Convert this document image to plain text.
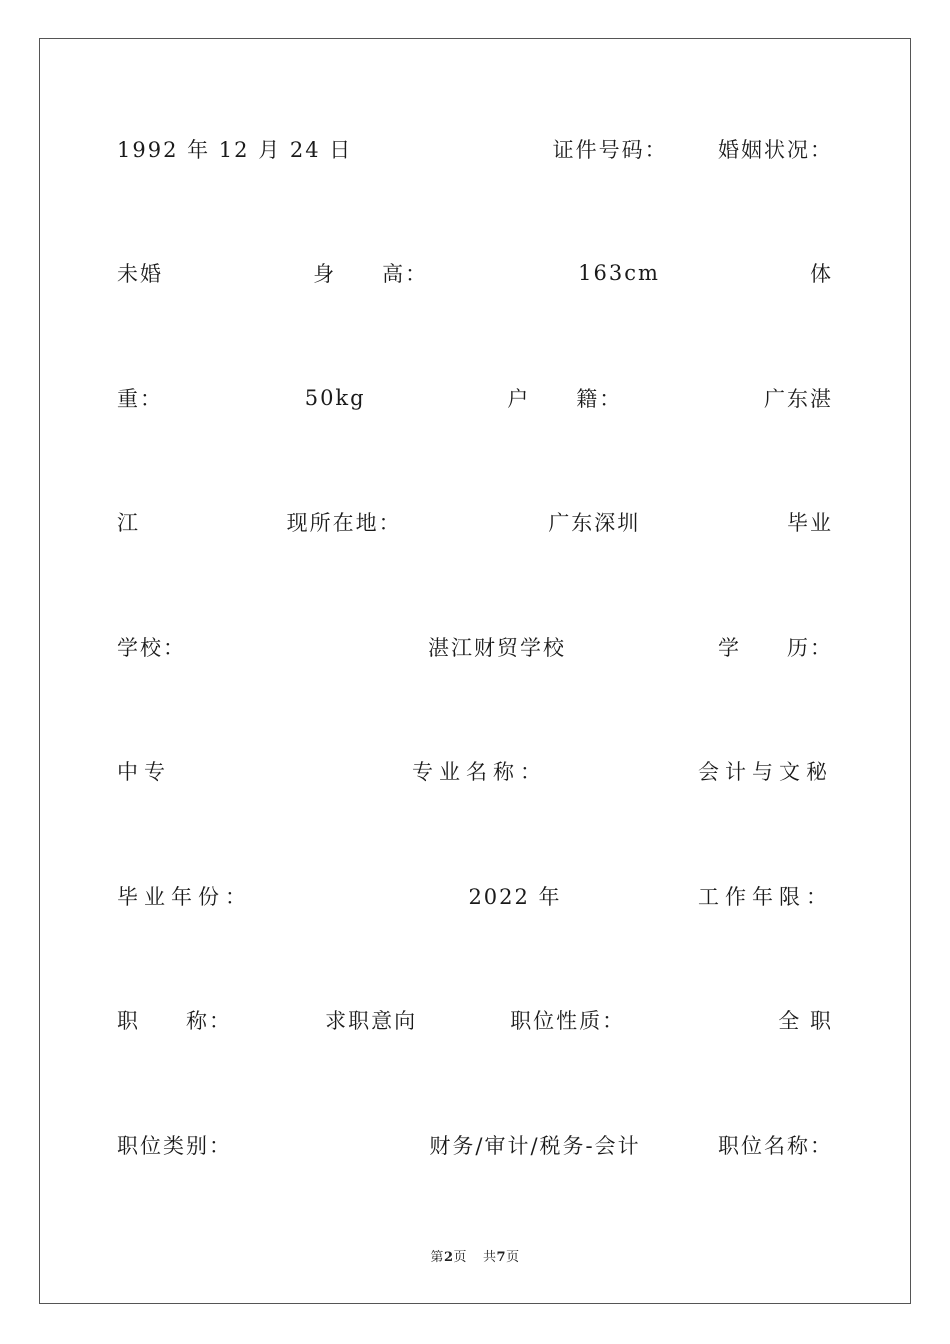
1992 年 12 月 24 日	证件号码： 婚姻状况：
未婚	身　　高：	163cm	体
重：	50kg	户　　籍：	广东湛
江	现所在地：	广东深圳	毕业
学校：	湛江财贸学校	学　　历：
中专	专业名称：	会计与文秘
毕业年份：	2022 年	工作年限：
职　　称：	求职意向	职位性质：	全 职
职位类别：	财务/审计/税务-会计	职位名称：
第2页 共7页
